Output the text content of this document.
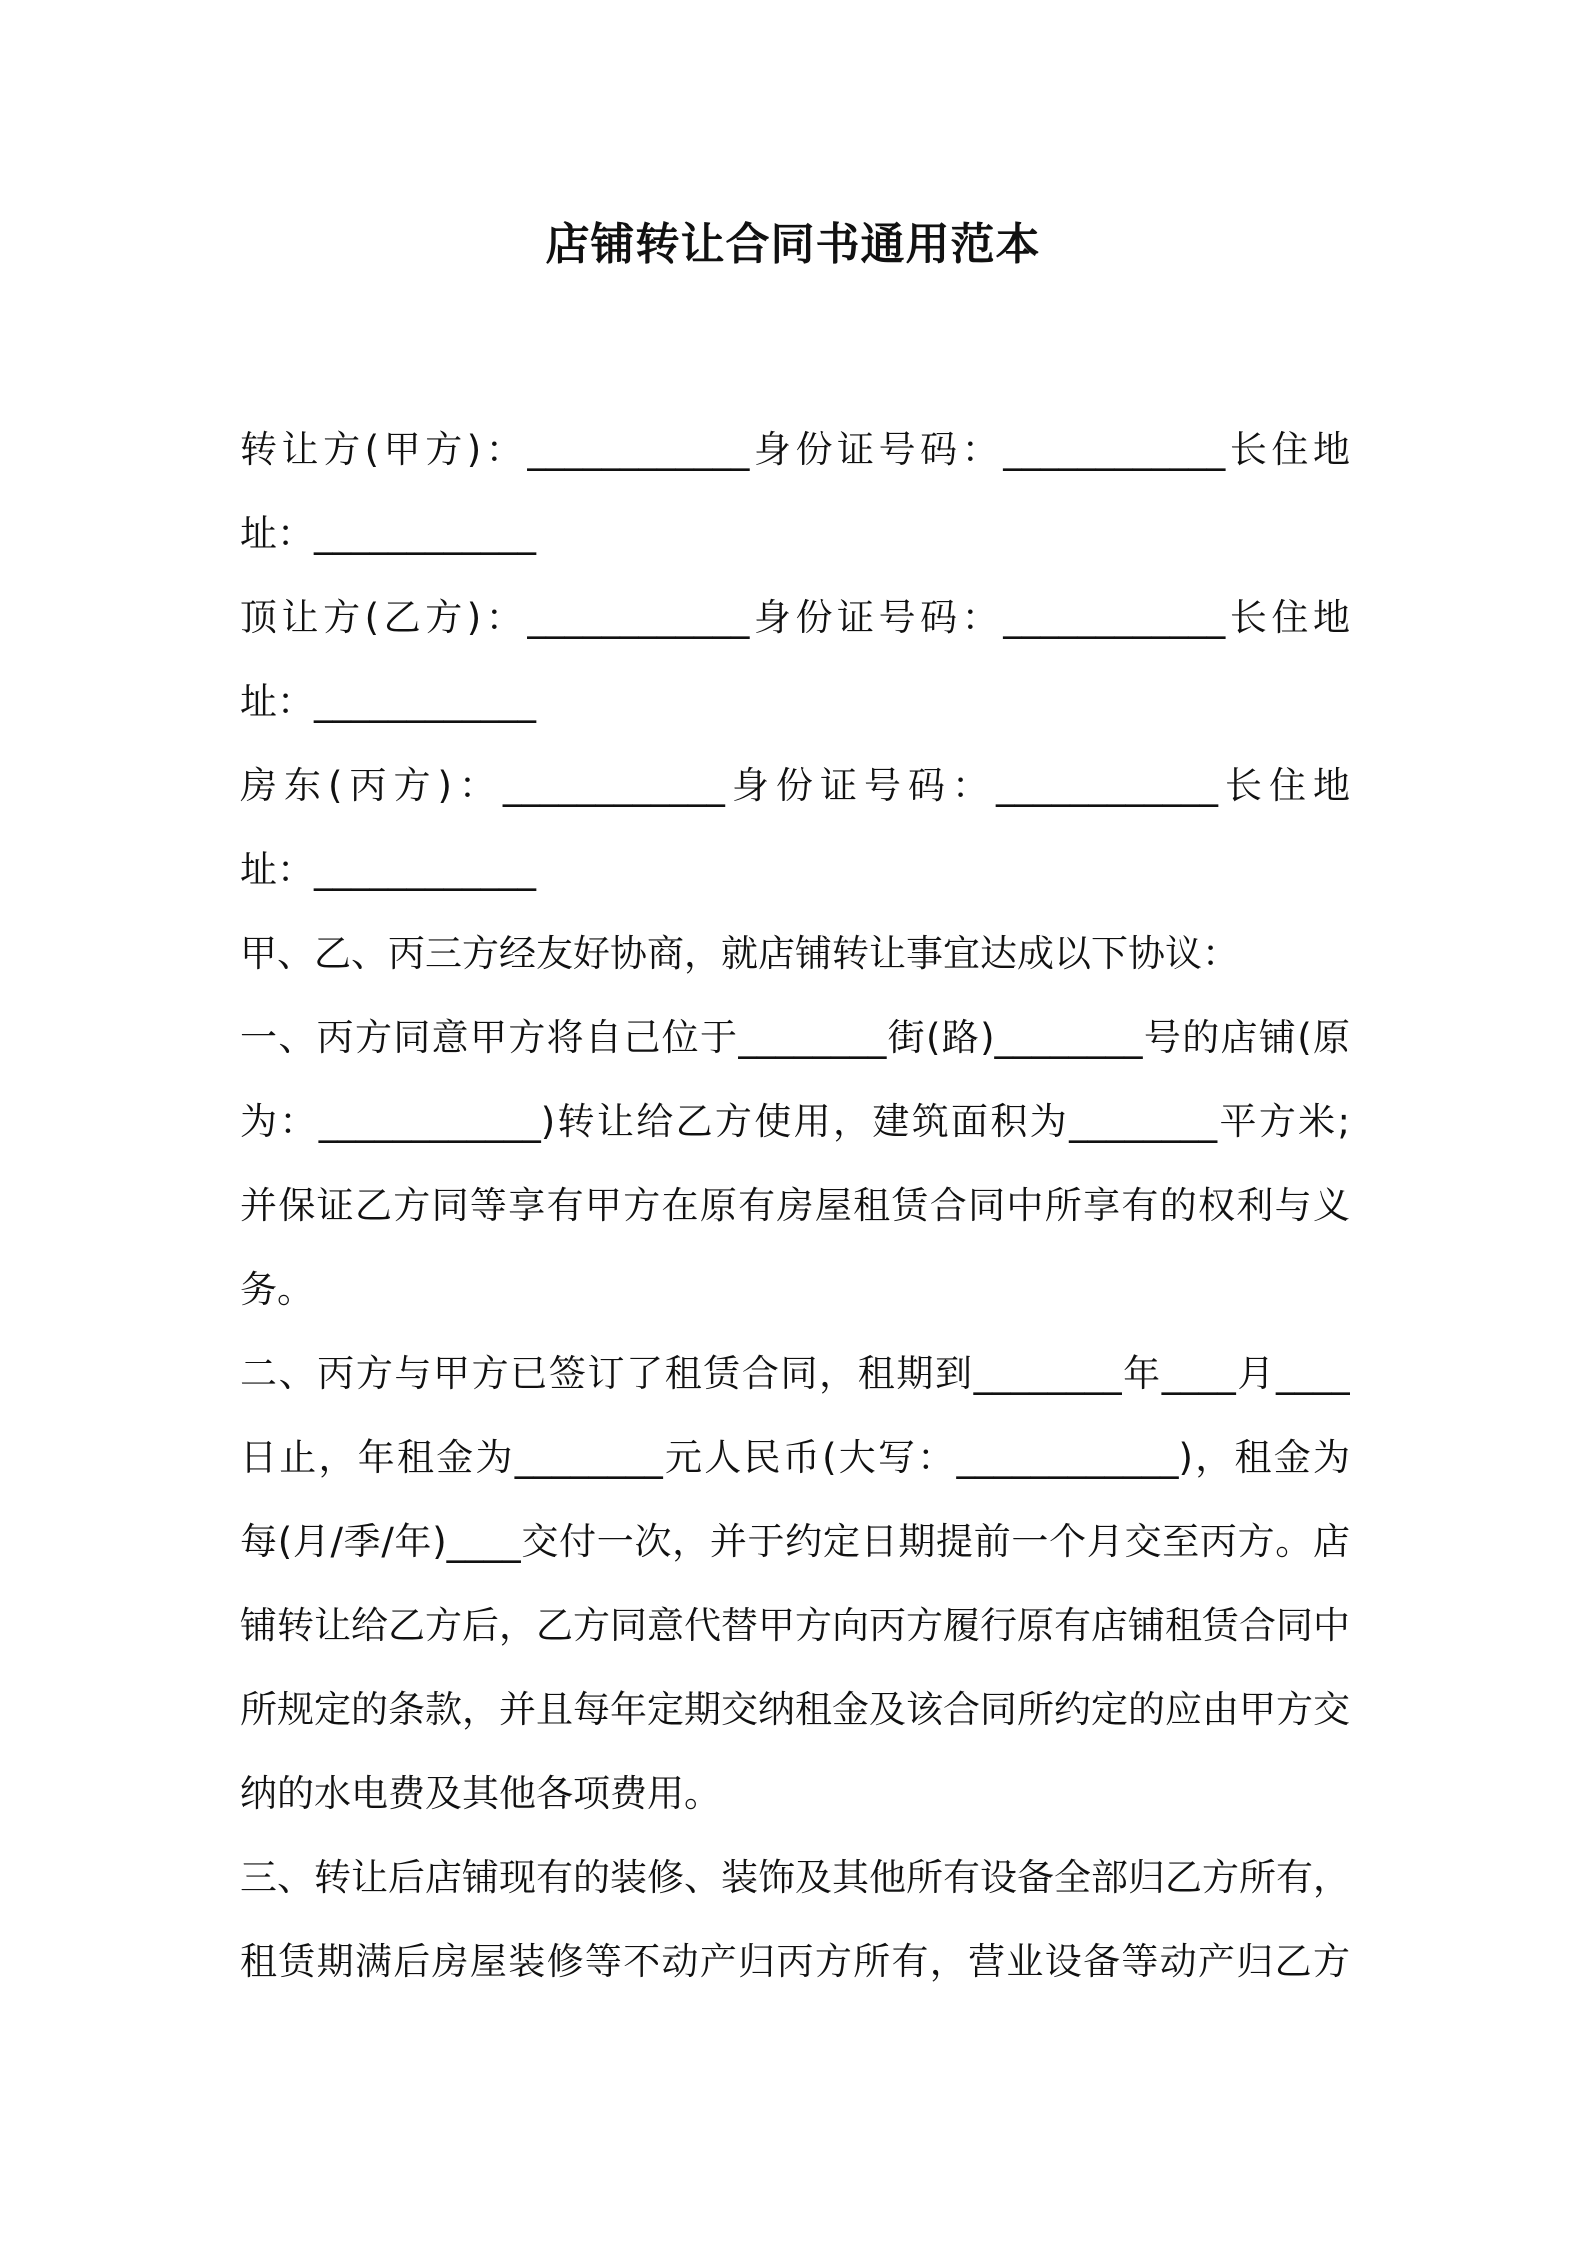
店铺转让合同书通用范本
转让方(甲方)：____________身份证号码：____________长住地
址：____________
顶让方(乙方)：____________身份证号码：____________长住地
址：____________
房东(丙方)：____________身份证号码：____________长住地
址：____________
甲、乙、丙三方经友好协商，就店铺转让事宜达成以下协议：
一、丙方同意甲方将自己位于________街(路)________号的店铺(原
为：____________)转让给乙方使用，建筑面积为________平方米;
并保证乙方同等享有甲方在原有房屋租赁合同中所享有的权利与义
务。
二、丙方与甲方已签订了租赁合同，租期到________年____月____
日止，年租金为________元人民币(大写：____________)，租金为
每(月/季/年)____交付一次，并于约定日期提前一个月交至丙方。店
铺转让给乙方后，乙方同意代替甲方向丙方履行原有店铺租赁合同中
所规定的条款，并且每年定期交纳租金及该合同所约定的应由甲方交
纳的水电费及其他各项费用。
三、转让后店铺现有的装修、装饰及其他所有设备全部归乙方所有，
租赁期满后房屋装修等不动产归丙方所有，营业设备等动产归乙方
